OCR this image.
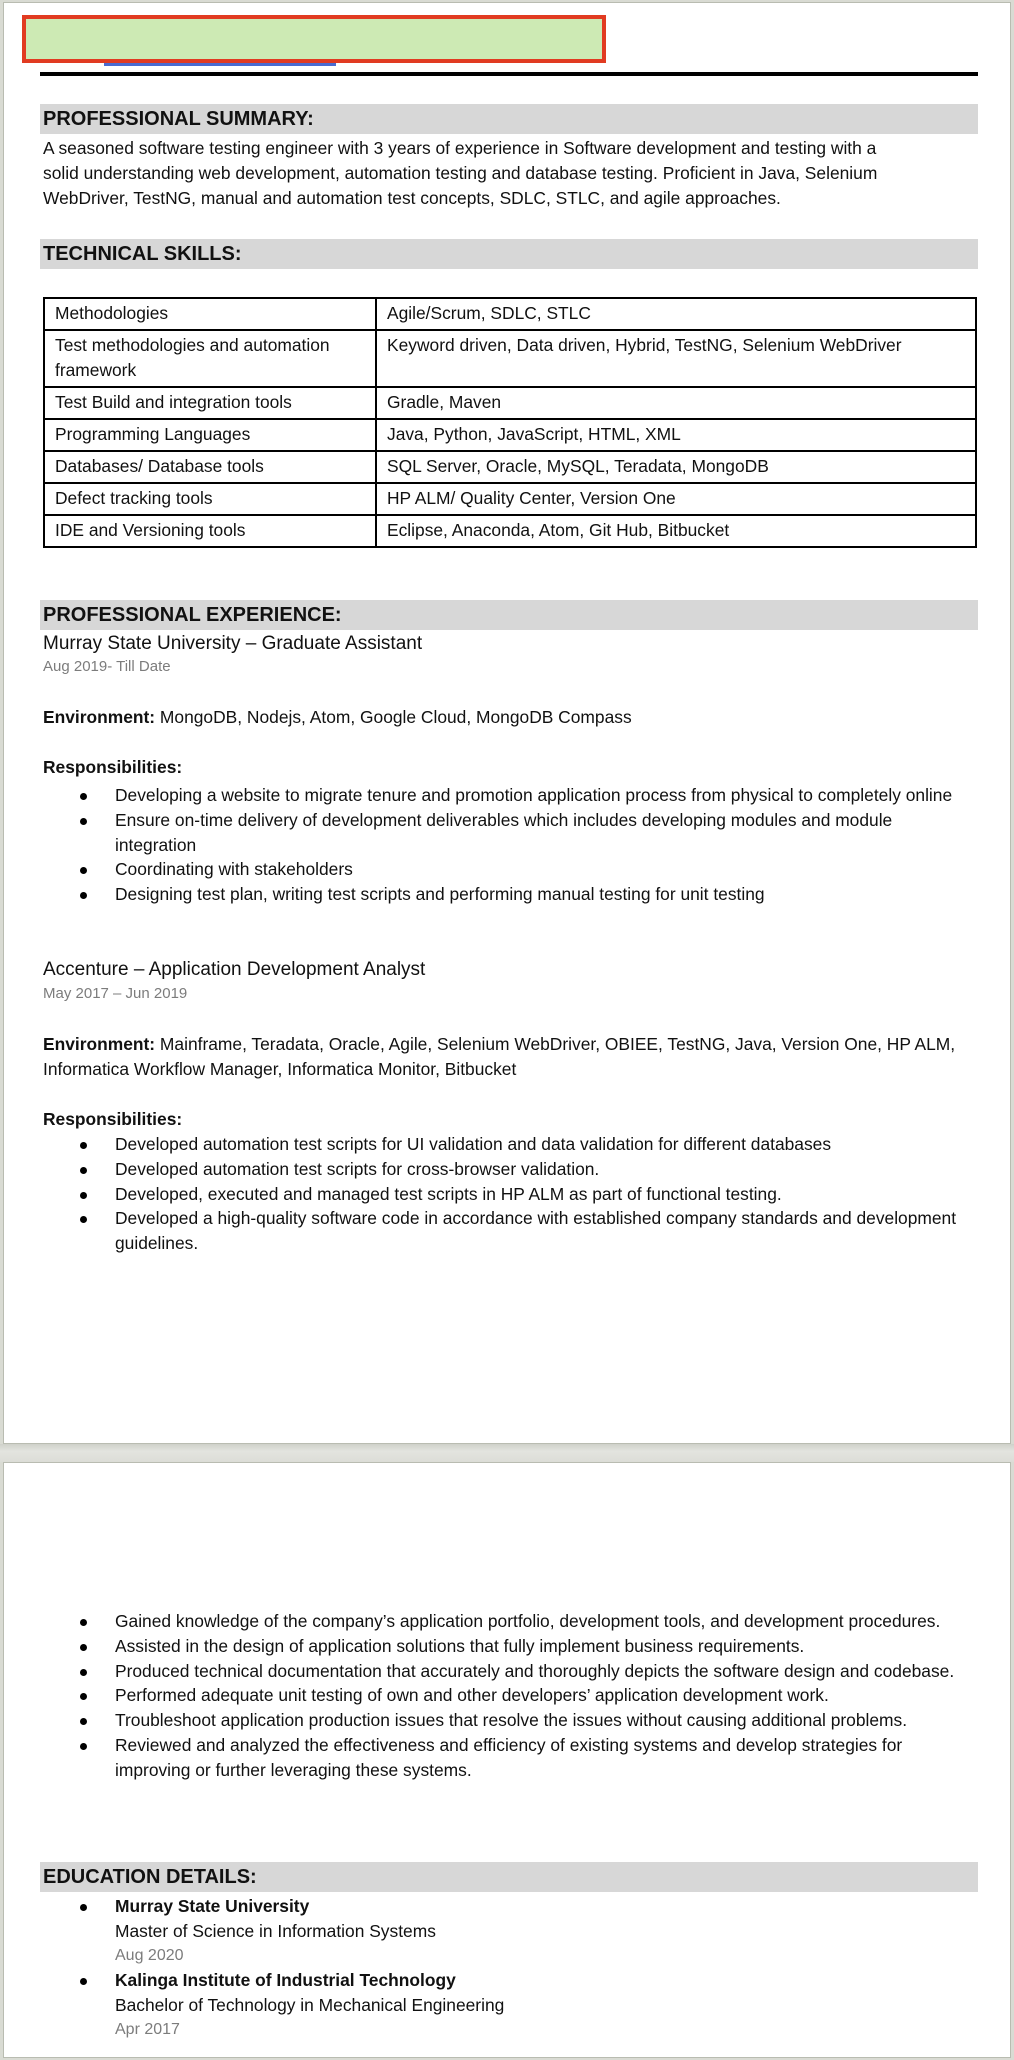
PROFESSIONAL SUMMARY:
A seasoned software testing engineer with 3 years of experience in Software development and testing with a
solid understanding web development, automation testing and database testing. Proficient in Java, Selenium
WebDriver, TestNG, manual and automation test concepts, SDLC, STLC, and agile approaches.
TECHNICAL SKILLS:
Methodologies	Agile/Scrum, SDLC, STLC
Test methodologies and automation framework	Keyword driven, Data driven, Hybrid, TestNG, Selenium WebDriver
Test Build and integration tools	Gradle, Maven
Programming Languages	Java, Python, JavaScript, HTML, XML
Databases/ Database tools	SQL Server, Oracle, MySQL, Teradata, MongoDB
Defect tracking tools	HP ALM/ Quality Center, Version One
IDE and Versioning tools	Eclipse, Anaconda, Atom, Git Hub, Bitbucket
PROFESSIONAL EXPERIENCE:
Murray State University – Graduate Assistant
Aug 2019- Till Date
Environment: MongoDB, Nodejs, Atom, Google Cloud, MongoDB Compass
Responsibilities:
Developing a website to migrate tenure and promotion application process from physical to completely online
Ensure on-time delivery of development deliverables which includes developing modules and module integration
Coordinating with stakeholders
Designing test plan, writing test scripts and performing manual testing for unit testing
Accenture – Application Development Analyst
May 2017 – Jun 2019
Environment: Mainframe, Teradata, Oracle, Agile, Selenium WebDriver, OBIEE, TestNG, Java, Version One, HP ALM, Informatica Workflow Manager, Informatica Monitor, Bitbucket
Responsibilities:
Developed automation test scripts for UI validation and data validation for different databases
Developed automation test scripts for cross-browser validation.
Developed, executed and managed test scripts in HP ALM as part of functional testing.
Developed a high-quality software code in accordance with established company standards and development guidelines.
Gained knowledge of the company’s application portfolio, development tools, and development procedures.
Assisted in the design of application solutions that fully implement business requirements.
Produced technical documentation that accurately and thoroughly depicts the software design and codebase.
Performed adequate unit testing of own and other developers’ application development work.
Troubleshoot application production issues that resolve the issues without causing additional problems.
Reviewed and analyzed the effectiveness and efficiency of existing systems and develop strategies for improving or further leveraging these systems.
EDUCATION DETAILS:
Murray State University
Master of Science in Information Systems
Aug 2020
Kalinga Institute of Industrial Technology
Bachelor of Technology in Mechanical Engineering
Apr 2017
